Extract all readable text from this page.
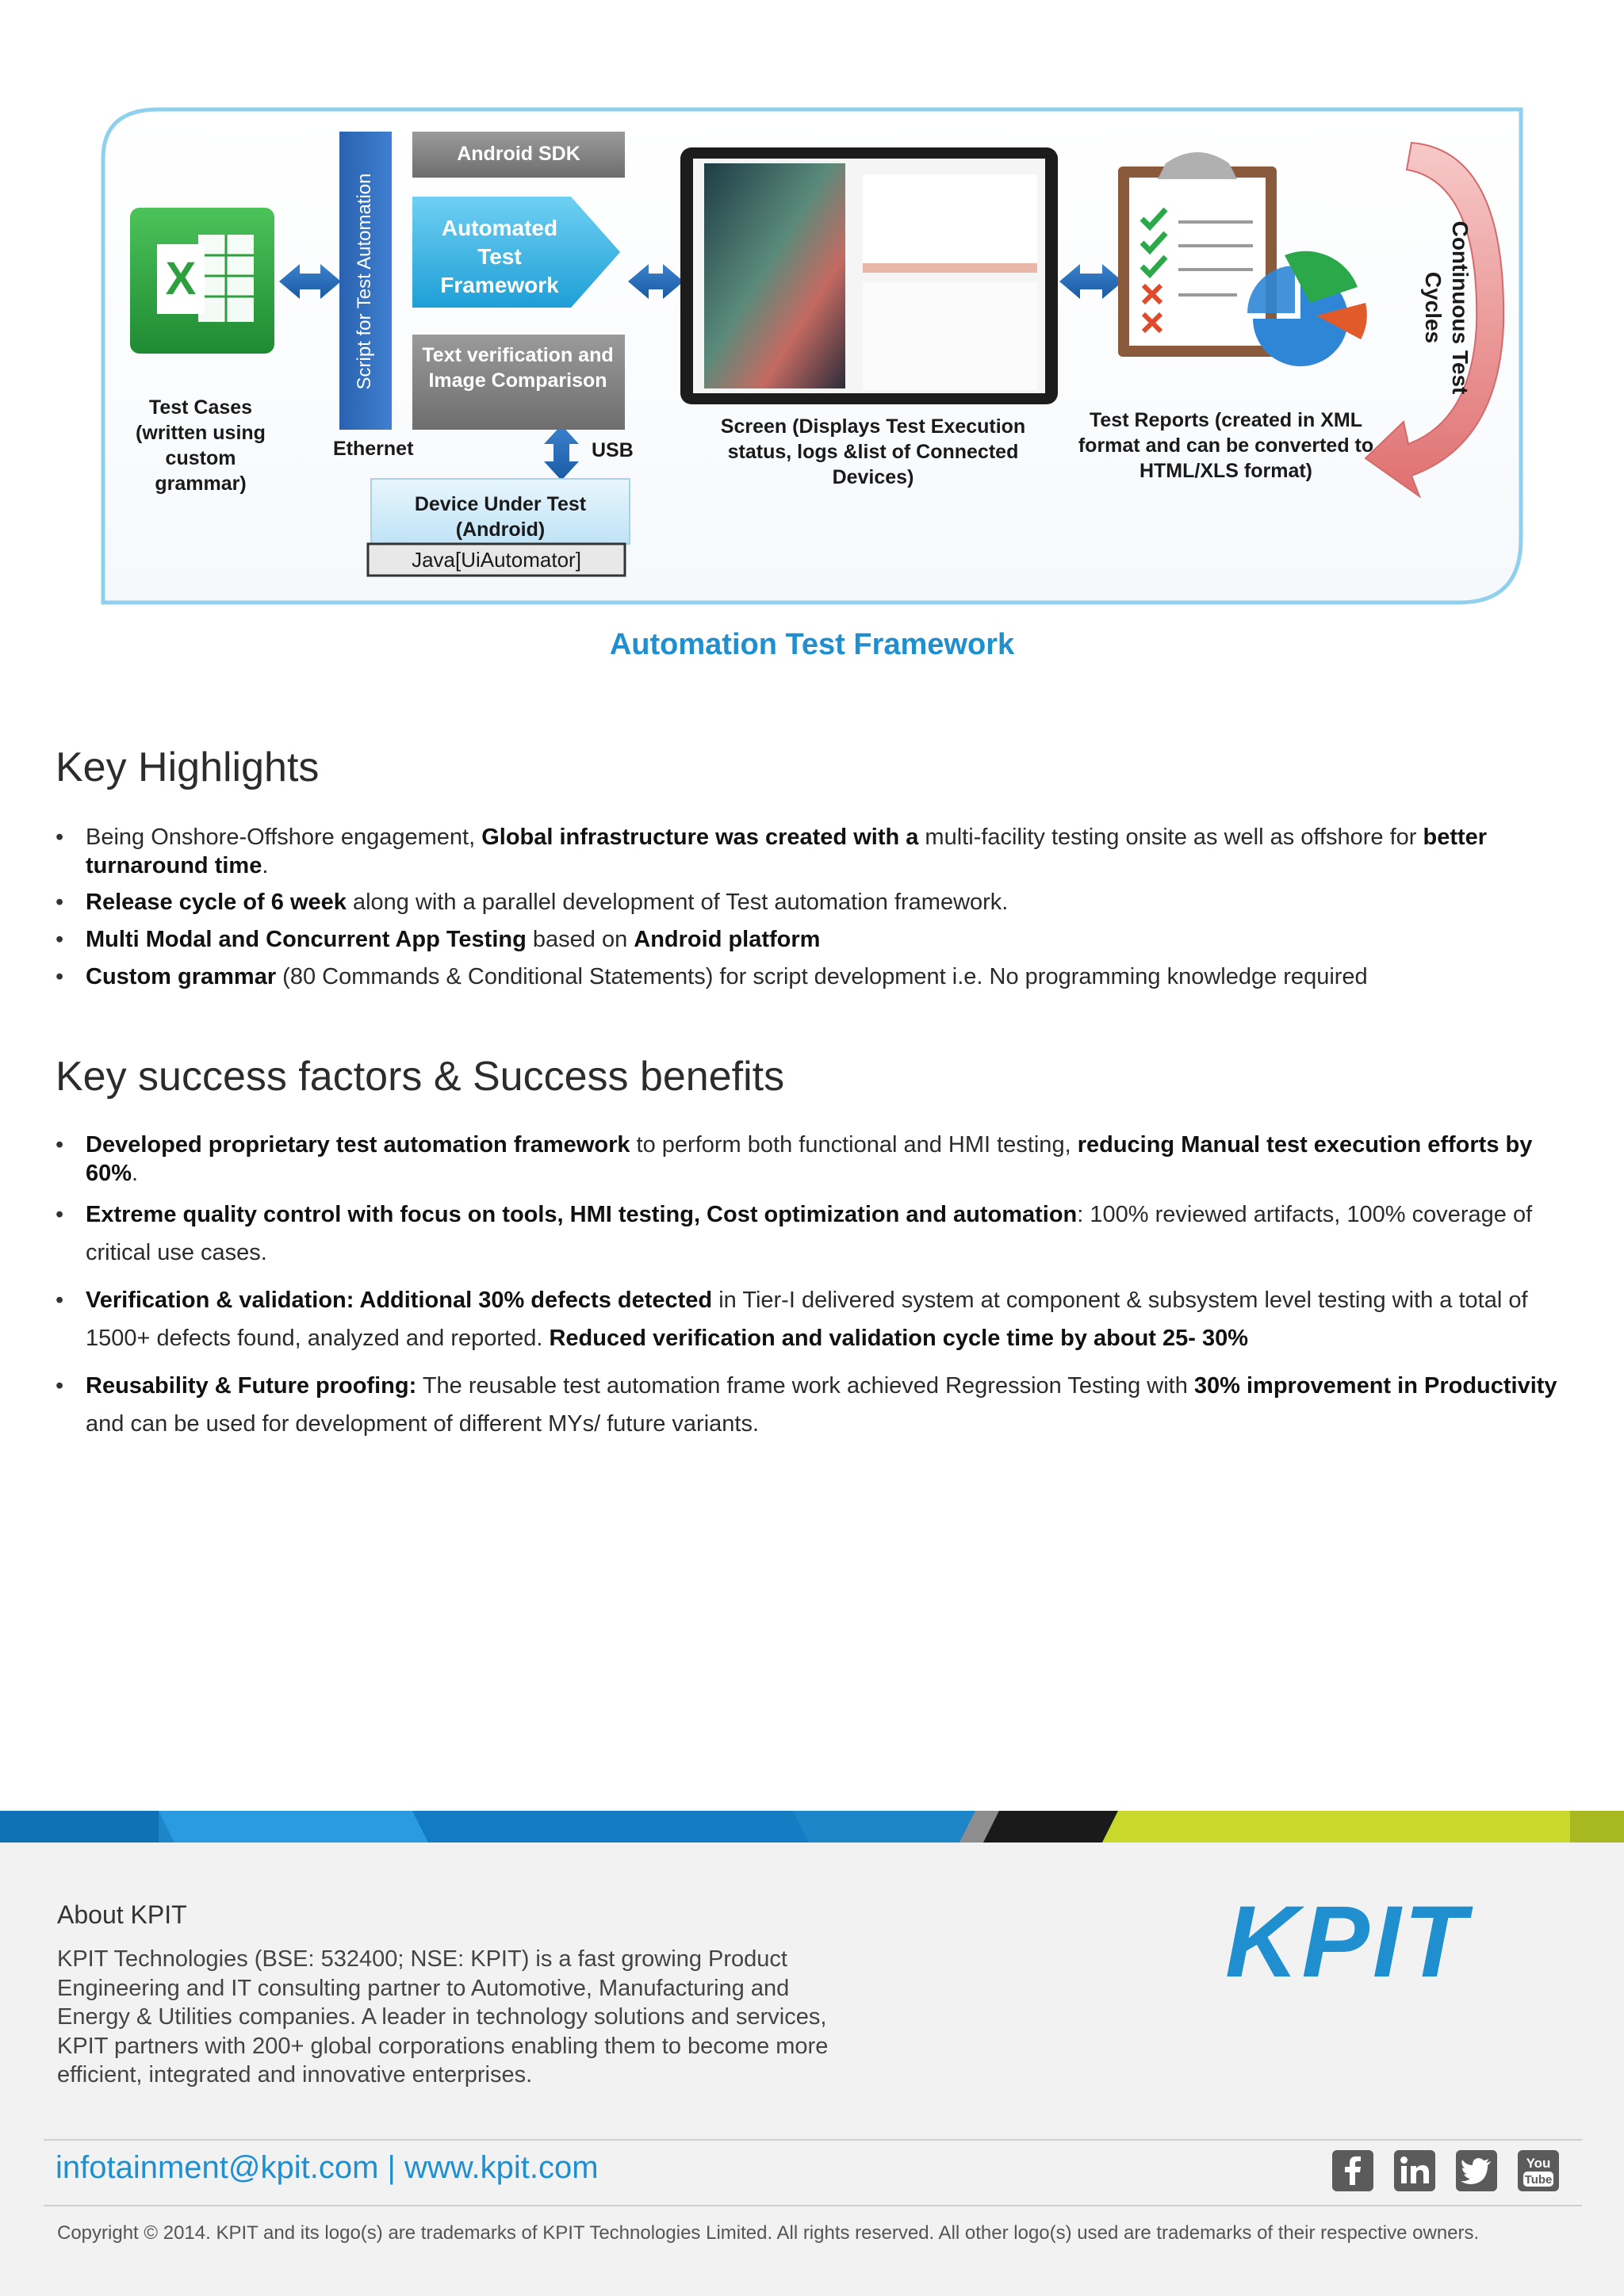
Android SDK
Script for Test Automation	Automated Test Framework
Text verification and Image Comparison
Test Cases (written using custom grammar)
Ethernet	USB
Device Under Test (Android)
Java[UiAutomator]
Screen (Displays Test Execution status, logs &list of Connected Devices)
Test Reports (created in XML format and can be converted to HTML/XLS format)
Continuous Test Cycles
X
Automation Test Framework
Key Highlights
• Being Onshore-Offshore engagement, Global infrastructure was created with a multi-facility testing onsite as well as offshore for better turnaround time.
• Release cycle of 6 week along with a parallel development of Test automation framework.
• Multi Modal and Concurrent App Testing based on Android platform
• Custom grammar (80 Commands & Conditional Statements) for script development i.e. No programming knowledge required
Key success factors & Success benefits
• Developed proprietary test automation framework to perform both functional and HMI testing, reducing Manual test execution efforts by 60%.
• Extreme quality control with focus on tools, HMI testing, Cost optimization and automation: 100% reviewed artifacts, 100% coverage of critical use cases.
• Verification & validation: Additional 30% defects detected in Tier-I delivered system at component & subsystem level testing with a total of 1500+ defects found, analyzed and reported. Reduced verification and validation cycle time by about 25- 30%
• Reusability & Future proofing: The reusable test automation frame work achieved Regression Testing with 30% improvement in Productivity and can be used for development of different MYs/ future variants.
About KPIT
KPIT Technologies (BSE: 532400; NSE: KPIT) is a fast growing Product Engineering and IT consulting partner to Automotive, Manufacturing and Energy & Utilities companies. A leader in technology solutions and services, KPIT partners with 200+ global corporations enabling them to become more efficient, integrated and innovative enterprises.
KPIT
infotainment@kpit.com | www.kpit.com	You
Tube
Copyright © 2014. KPIT and its logo(s) are trademarks of KPIT Technologies Limited. All rights reserved. All other logo(s) used are trademarks of their respective owners.
